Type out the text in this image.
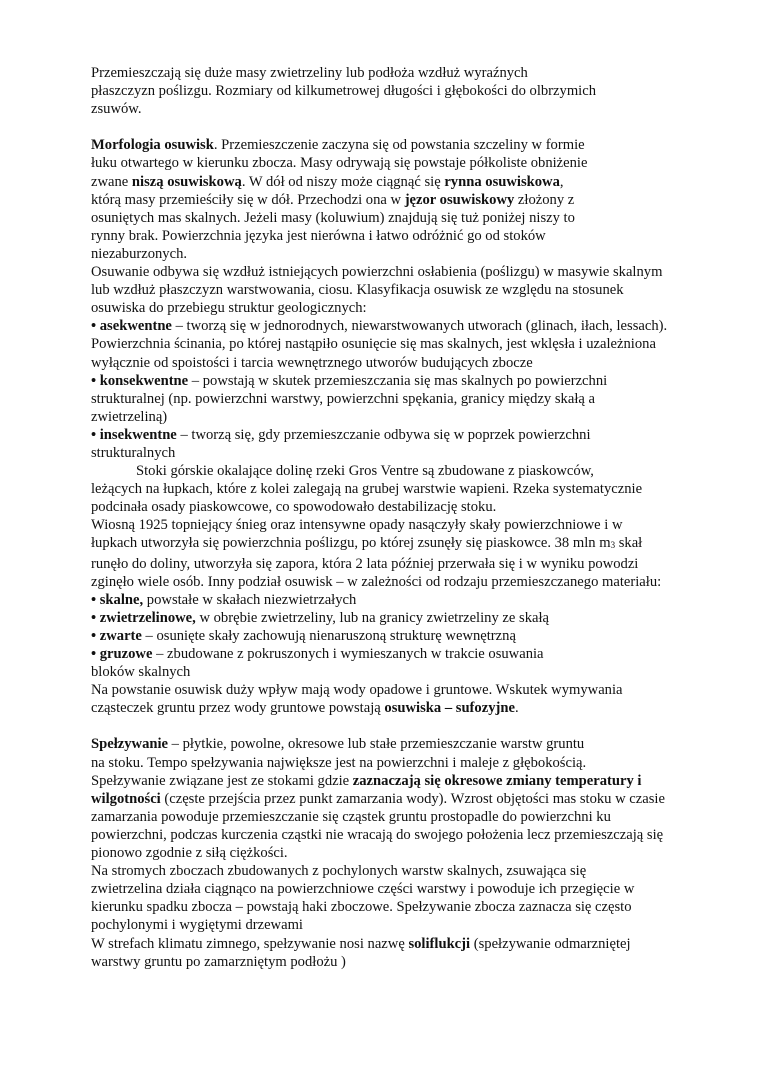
Przemieszczają się duże masy zwietrzeliny lub podłoża wzdłuż wyraźnych
płaszczyzn poślizgu. Rozmiary od kilkumetrowej długości i głębokości do olbrzymich
zsuwów.
Morfologia osuwisk. Przemieszczenie zaczyna się od powstania szczeliny w formie
łuku otwartego w kierunku zbocza. Masy odrywają się powstaje półkoliste obniżenie
zwane niszą osuwiskową. W dół od niszy może ciągnąć się rynna osuwiskowa,
którą masy przemieściły się w dół. Przechodzi ona w jęzor osuwiskowy złożony z
osuniętych mas skalnych. Jeżeli masy (koluwium) znajdują się tuż poniżej niszy to
rynny brak. Powierzchnia języka jest nierówna i łatwo odróżnić go od stoków
niezaburzonych.
Osuwanie odbywa się wzdłuż istniejących powierzchni osłabienia (poślizgu) w masywie skalnym
lub wzdłuż płaszczyzn warstwowania, ciosu. Klasyfikacja osuwisk ze względu na stosunek
osuwiska do przebiegu struktur geologicznych:
• asekwentne – tworzą się w jednorodnych, niewarstwowanych utworach (glinach, iłach, lessach).
Powierzchnia ścinania, po której nastąpiło osunięcie się mas skalnych, jest wklęsła i uzależniona
wyłącznie od spoistości i tarcia wewnętrznego utworów budujących zbocze
• konsekwentne – powstają w skutek przemieszczania się mas skalnych po powierzchni
strukturalnej (np. powierzchni warstwy, powierzchni spękania, granicy między skałą a
zwietrzeliną)
• insekwentne – tworzą się, gdy przemieszczanie odbywa się w poprzek powierzchni
strukturalnych
Stoki górskie okalające dolinę rzeki Gros Ventre są zbudowane z piaskowców,
leżących na łupkach, które z kolei zalegają na grubej warstwie wapieni. Rzeka systematycznie
podcinała osady piaskowcowe, co spowodowało destabilizację stoku.
Wiosną 1925 topniejący śnieg oraz intensywne opady nasączyły skały powierzchniowe i w
łupkach utworzyła się powierzchnia poślizgu, po której zsunęły się piaskowce. 38 mln $m_3$ skał
runęło do doliny, utworzyła się zapora, która 2 lata później przerwała się i w wyniku powodzi
zginęło wiele osób. Inny podział osuwisk – w zależności od rodzaju przemieszczanego materiału:
• skalne, powstałe w skałach niezwietrzałych
• zwietrzelinowe, w obrębie zwietrzeliny, lub na granicy zwietrzeliny ze skałą
• zwarte – osunięte skały zachowują nienaruszoną strukturę wewnętrzną
• gruzowe – zbudowane z pokruszonych i wymieszanych w trakcie osuwania
bloków skalnych
Na powstanie osuwisk duży wpływ mają wody opadowe i gruntowe. Wskutek wymywania
cząsteczek gruntu przez wody gruntowe powstają osuwiska – sufozyjne.
Spełzywanie – płytkie, powolne, okresowe lub stałe przemieszczanie warstw gruntu
na stoku. Tempo spełzywania największe jest na powierzchni i maleje z głębokością.
Spełzywanie związane jest ze stokami gdzie zaznaczają się okresowe zmiany temperatury i
wilgotności (częste przejścia przez punkt zamarzania wody). Wzrost objętości mas stoku w czasie
zamarzania powoduje przemieszczanie się cząstek gruntu prostopadle do powierzchni ku
powierzchni, podczas kurczenia cząstki nie wracają do swojego położenia lecz przemieszczają się
pionowo zgodnie z siłą ciężkości.
Na stromych zboczach zbudowanych z pochylonych warstw skalnych, zsuwająca się
zwietrzelina działa ciągnąco na powierzchniowe części warstwy i powoduje ich przegięcie w
kierunku spadku zbocza – powstają haki zboczowe. Spełzywanie zbocza zaznacza się często
pochylonymi i wygiętymi drzewami
W strefach klimatu zimnego, spełzywanie nosi nazwę soliflukcji (spełzywanie odmarzniętej
warstwy gruntu po zamarzniętym podłożu )
